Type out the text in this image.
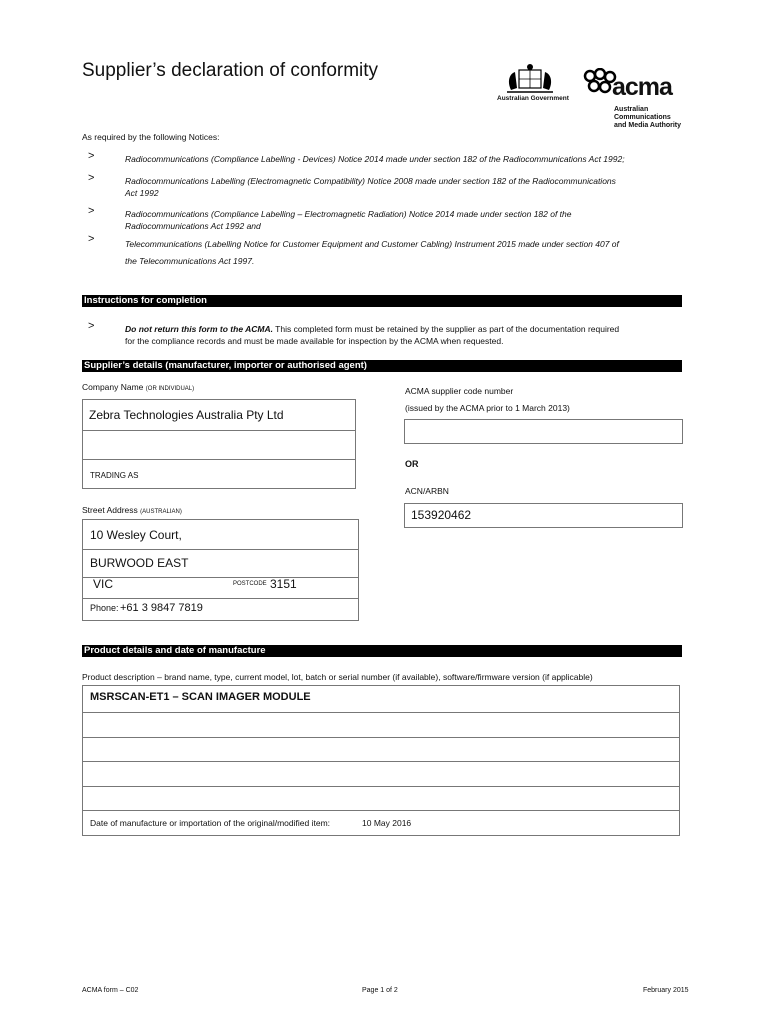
Supplier’s declaration of conformity
Australian Government acma
Australian
Communications
and Media Authority
As required by the following Notices:
>	Radiocommunications (Compliance Labelling - Devices) Notice 2014 made under section 182 of the Radiocommunications Act 1992;
>	Radiocommunications Labelling (Electromagnetic Compatibility) Notice 2008 made under section 182 of the Radiocommunications
Act 1992
>	Radiocommunications (Compliance Labelling – Electromagnetic Radiation) Notice 2014 made under section 182 of the
Radiocommunications Act 1992 and
>	Telecommunications (Labelling Notice for Customer Equipment and Customer Cabling) Instrument 2015 made under section 407 of
the Telecommunications Act 1997.
Instructions for completion
>	Do not return this form to the ACMA. This completed form must be retained by the supplier as part of the documentation required
for the compliance records and must be made available for inspection by the ACMA when requested.
Supplier’s details (manufacturer, importer or authorised agent)
Company Name (OR INDIVIDUAL)
Zebra Technologies Australia Pty Ltd
TRADING AS
Street Address (AUSTRALIAN)
10 Wesley Court,
BURWOOD EAST
VIC	POSTCODE 3151
Phone: +61 3 9847 7819
ACMA supplier code number
(issued by the ACMA prior to 1 March 2013)
OR
ACN/ARBN
153920462
Product details and date of manufacture
Product description – brand name, type, current model, lot, batch or serial number (if available), software/firmware version (if applicable)
MSRSCAN-ET1 – SCAN IMAGER MODULE
Date of manufacture or importation of the original/modified item:	10 May 2016
ACMA form – C02	Page 1 of 2	February 2015
